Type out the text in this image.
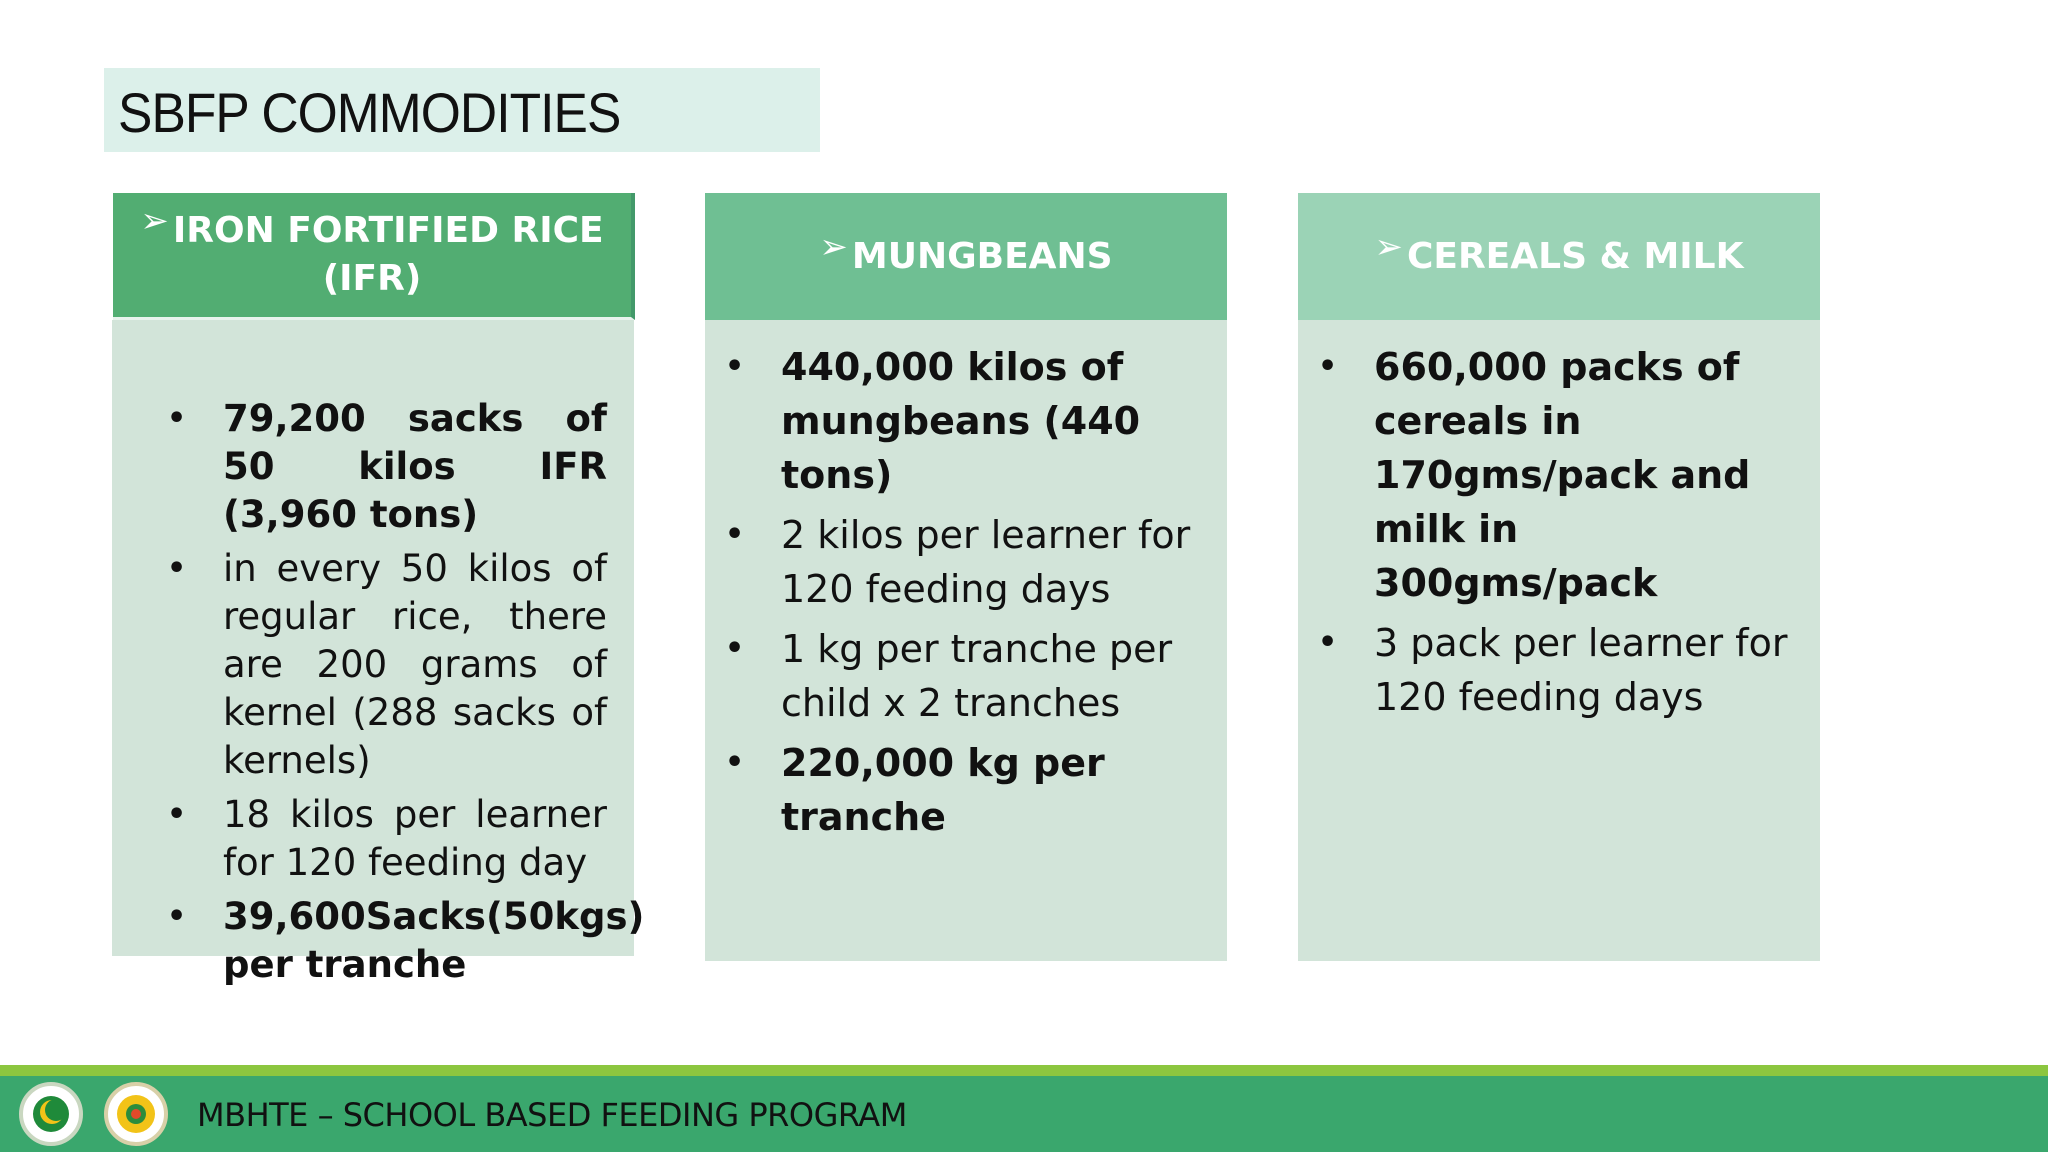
SBFP COMMODITIES
➢ IRON FORTIFIED RICE (IFR)
• 79,200 sacks of 50 kilos IFR (3,960 tons)
• in every 50 kilos of regular rice, there are 200 grams of kernel (288 sacks of kernels)
• 18 kilos per learner for 120 feeding day
• 39,600Sacks(50kgs) per tranche
➢ MUNGBEANS
• 440,000 kilos of mungbeans (440 tons)
• 2 kilos per learner for 120 feeding days
• 1 kg per tranche per child x 2 tranches
• 220,000 kg per tranche
➢ CEREALS & MILK
• 660,000 packs of cereals in 170gms/pack and milk in 300gms/pack
• 3 pack per learner for 120 feeding days
MBHTE – SCHOOL BASED FEEDING PROGRAM
